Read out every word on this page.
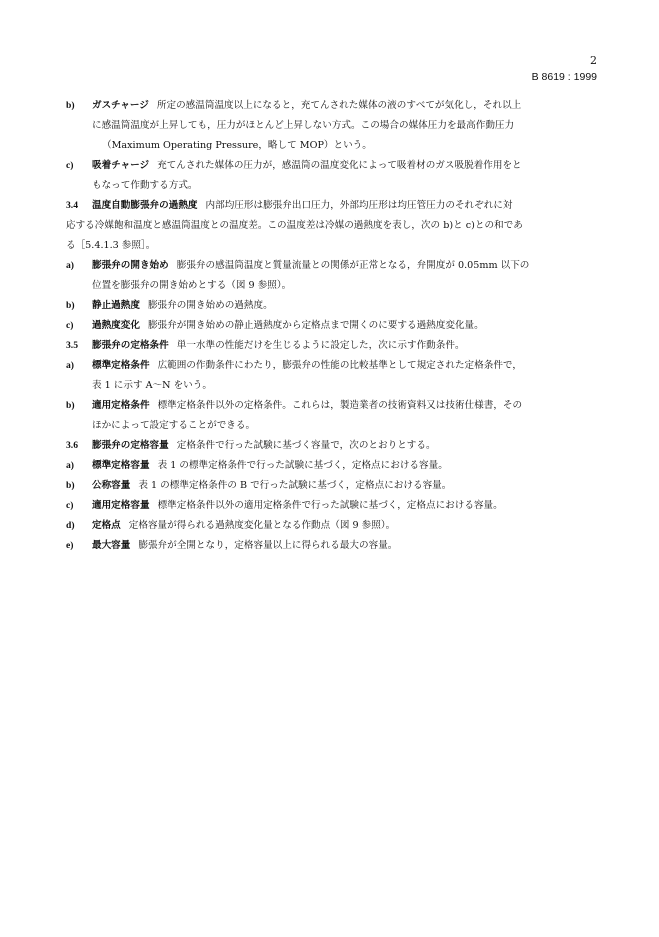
2
B 8619 : 1999
b) ガスチャージ 所定の感温筒温度以上になると，充てんされた媒体の液のすべてが気化し，それ以上
に感温筒温度が上昇しても，圧力がほとんど上昇しない方式。この場合の媒体圧力を最高作動圧力
（Maximum Operating Pressure，略して MOP）という。
c) 吸着チャージ 充てんされた媒体の圧力が，感温筒の温度変化によって吸着材のガス吸脱着作用をと
もなって作動する方式。
3.4 温度自動膨張弁の過熱度 内部均圧形は膨張弁出口圧力，外部均圧形は均圧管圧力のそれぞれに対
応する冷媒飽和温度と感温筒温度との温度差。この温度差は冷媒の過熱度を表し，次の b)と c)との和であ
る［5.4.1.3 参照］。
a) 膨張弁の開き始め 膨張弁の感温筒温度と質量流量との関係が正常となる，弁開度が 0.05mm 以下の
位置を膨張弁の開き始めとする（図 9 参照）。
b) 静止過熱度 膨張弁の開き始めの過熱度。
c) 過熱度変化 膨張弁が開き始めの静止過熱度から定格点まで開くのに要する過熱度変化量。
3.5 膨張弁の定格条件 単一水準の性能だけを生じるように設定した，次に示す作動条件。
a) 標準定格条件 広範囲の作動条件にわたり，膨張弁の性能の比較基準として規定された定格条件で，
表 1 に示す A～N をいう。
b) 適用定格条件 標準定格条件以外の定格条件。これらは，製造業者の技術資料又は技術仕様書，その
ほかによって設定することができる。
3.6 膨張弁の定格容量 定格条件で行った試験に基づく容量で，次のとおりとする。
a) 標準定格容量 表 1 の標準定格条件で行った試験に基づく，定格点における容量。
b) 公称容量 表 1 の標準定格条件の B で行った試験に基づく，定格点における容量。
c) 適用定格容量 標準定格条件以外の適用定格条件で行った試験に基づく，定格点における容量。
d) 定格点 定格容量が得られる過熱度変化量となる作動点（図 9 参照）。
e) 最大容量 膨張弁が全開となり，定格容量以上に得られる最大の容量。
